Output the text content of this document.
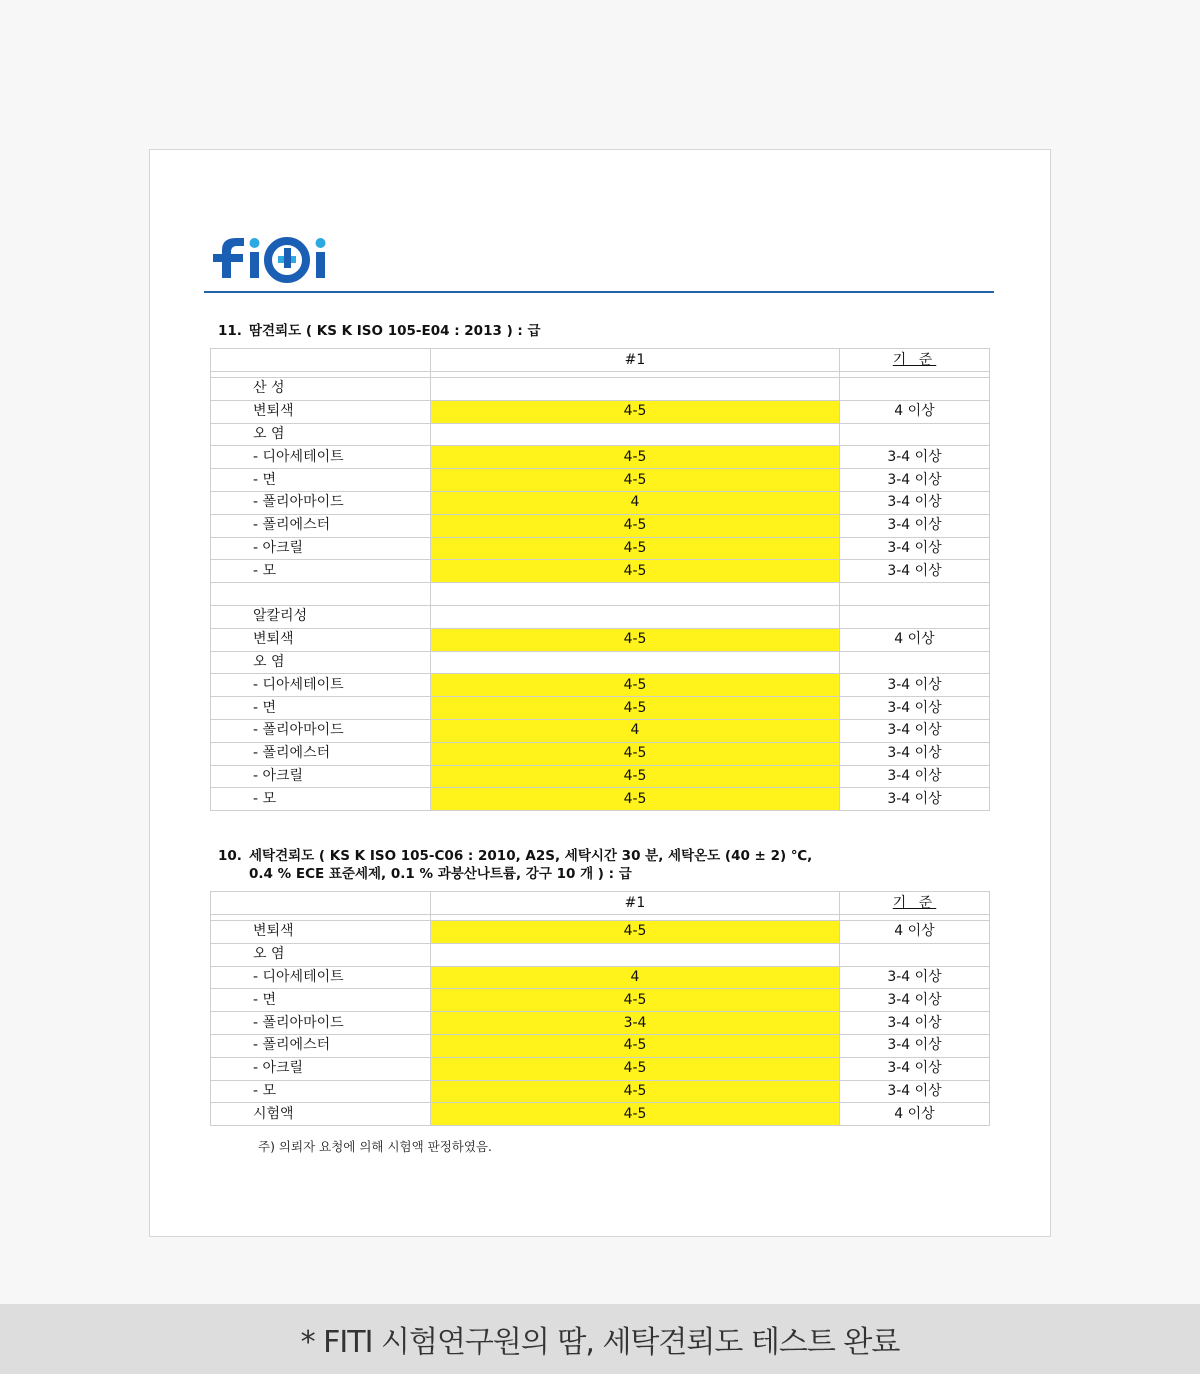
11. 땀견뢰도 ( KS K ISO 105-E04 : 2013 ) : 급
	#1	기 준

산 성		
변퇴색	4-5	4 이상
오 염		
- 디아세테이트	4-5	3-4 이상
- 면	4-5	3-4 이상
- 폴리아마이드	4	3-4 이상
- 폴리에스터	4-5	3-4 이상
- 아크릴	4-5	3-4 이상
- 모	4-5	3-4 이상

알칼리성		
변퇴색	4-5	4 이상
오 염		
- 디아세테이트	4-5	3-4 이상
- 면	4-5	3-4 이상
- 폴리아마이드	4	3-4 이상
- 폴리에스터	4-5	3-4 이상
- 아크릴	4-5	3-4 이상
- 모	4-5	3-4 이상
10. 세탁견뢰도 ( KS K ISO 105-C06 : 2010, A2S, 세탁시간 30 분, 세탁온도 (40 ± 2) ℃,
0.4 % ECE 표준세제, 0.1 % 과붕산나트륨, 강구 10 개 ) : 급
	#1	기 준

변퇴색	4-5	4 이상
오 염		
- 디아세테이트	4	3-4 이상
- 면	4-5	3-4 이상
- 폴리아마이드	3-4	3-4 이상
- 폴리에스터	4-5	3-4 이상
- 아크릴	4-5	3-4 이상
- 모	4-5	3-4 이상
시험액	4-5	4 이상
주) 의뢰자 요청에 의해 시험액 판정하였음.
* FITI 시험연구원의 땀, 세탁견뢰도 테스트 완료
